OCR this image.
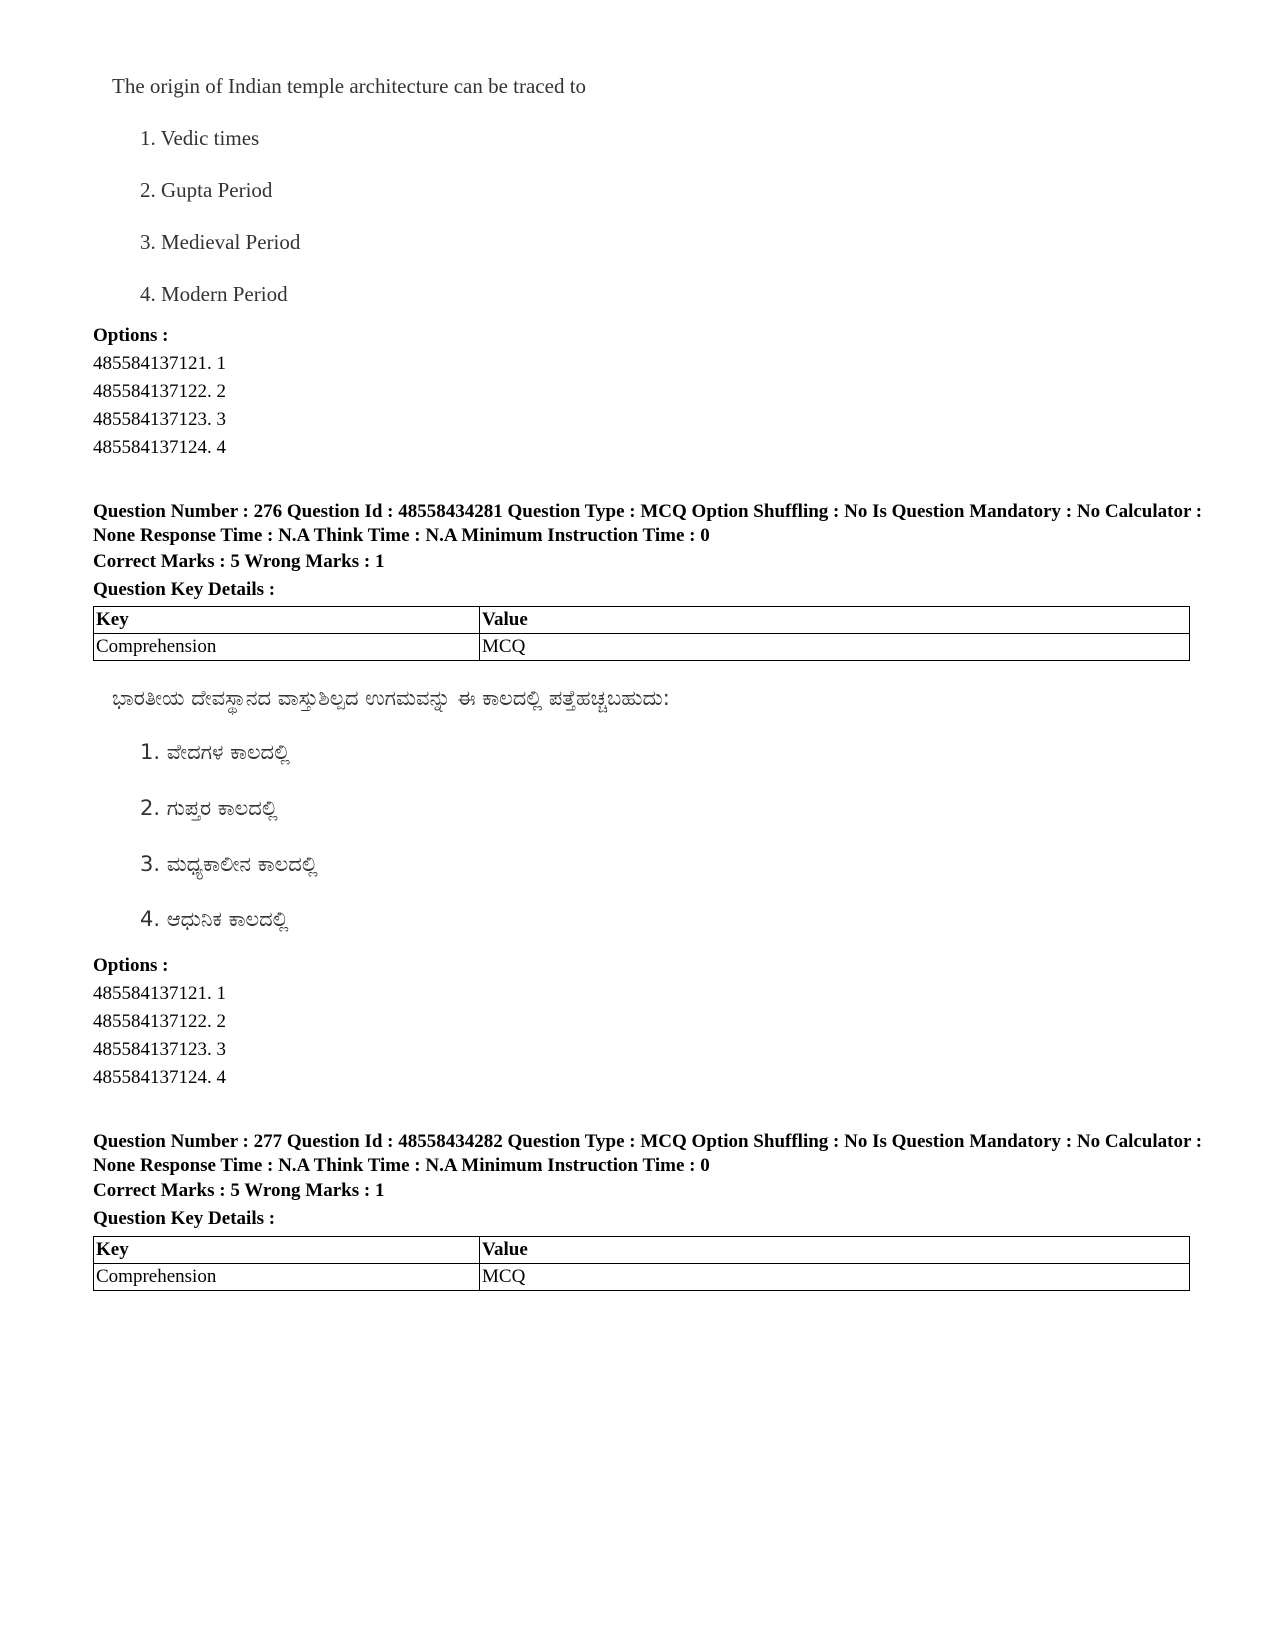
The origin of Indian temple architecture can be traced to
1. Vedic times
2. Gupta Period
3. Medieval Period
4. Modern Period
Options :
485584137121. 1
485584137122. 2
485584137123. 3
485584137124. 4
Question Number : 276 Question Id : 48558434281 Question Type : MCQ Option Shuffling : No Is Question Mandatory : No Calculator : None Response Time : N.A Think Time : N.A Minimum Instruction Time : 0
Correct Marks : 5 Wrong Marks : 1
Question Key Details :
Key	Value
Comprehension	MCQ
ಭಾರತೀಯ ದೇವಸ್ಥಾನದ ವಾಸ್ತುಶಿಲ್ಪದ ಉಗಮವನ್ನು ಈ ಕಾಲದಲ್ಲಿ ಪತ್ತೆಹಚ್ಚಬಹುದು:
1. ವೇದಗಳ ಕಾಲದಲ್ಲಿ
2. ಗುಪ್ತರ ಕಾಲದಲ್ಲಿ
3. ಮಧ್ಯಕಾಲೀನ ಕಾಲದಲ್ಲಿ
4. ಆಧುನಿಕ ಕಾಲದಲ್ಲಿ
Options :
485584137121. 1
485584137122. 2
485584137123. 3
485584137124. 4
Question Number : 277 Question Id : 48558434282 Question Type : MCQ Option Shuffling : No Is Question Mandatory : No Calculator : None Response Time : N.A Think Time : N.A Minimum Instruction Time : 0
Correct Marks : 5 Wrong Marks : 1
Question Key Details :
Key	Value
Comprehension	MCQ
